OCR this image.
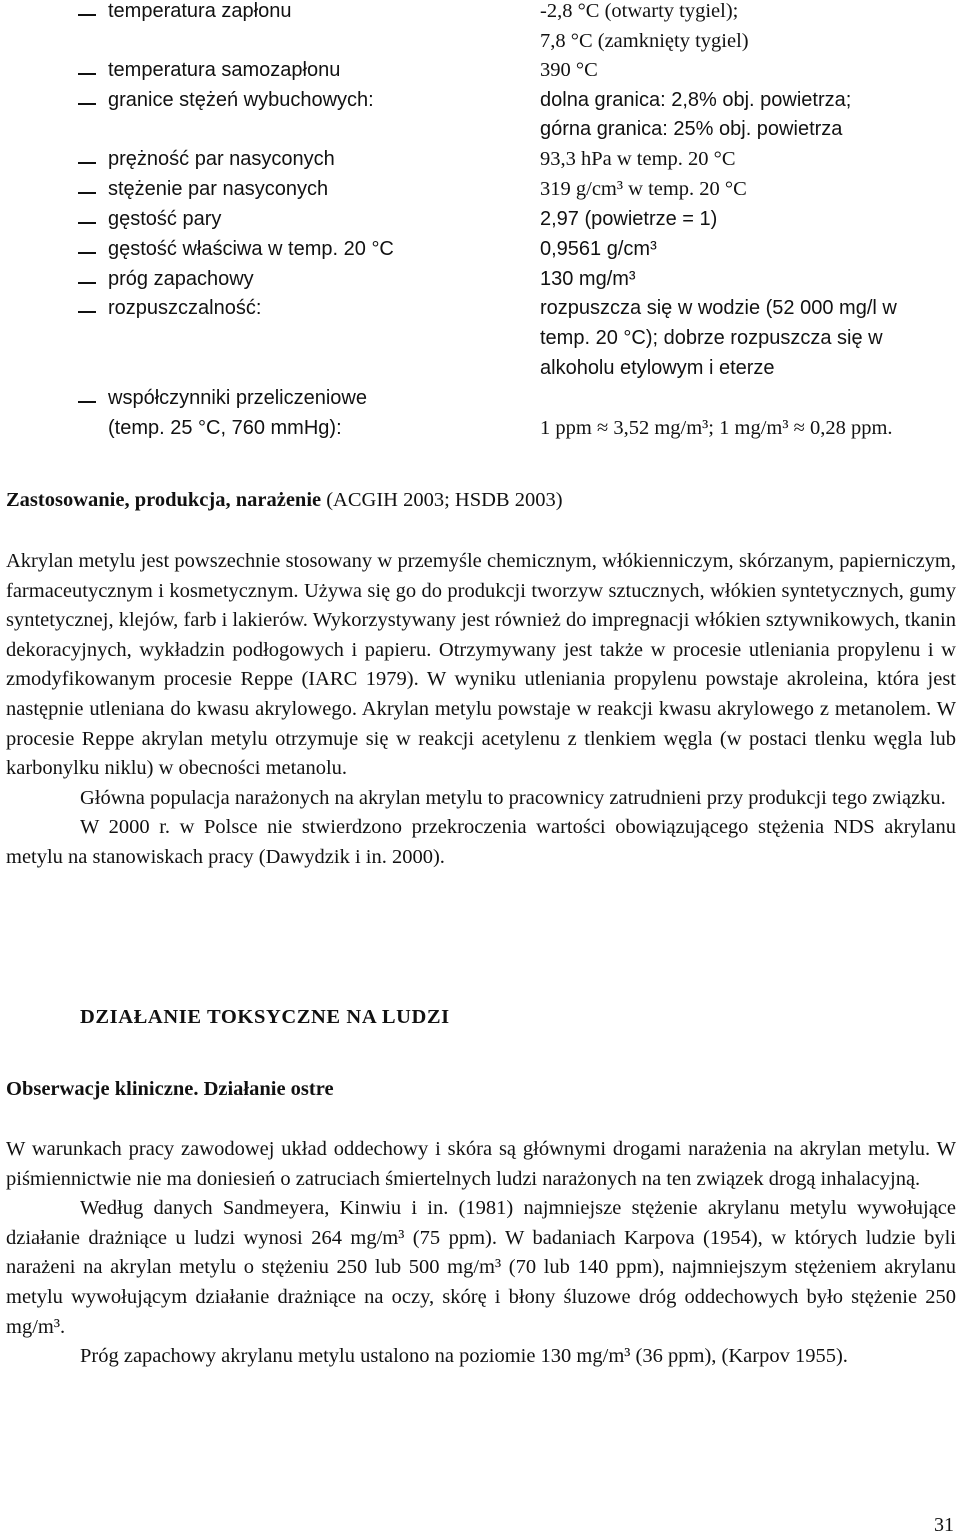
temperatura zapłonu	-2,8 °C (otwarty tygiel);
7,8 °C (zamknięty tygiel)
temperatura samozapłonu	390 °C
granice stężeń wybuchowych:	dolna granica: 2,8% obj. powietrza;
górna granica: 25% obj. powietrza
prężność par nasyconych	93,3 hPa w temp. 20 °C
stężenie par nasyconych	319 g/cm³ w temp. 20 °C
gęstość pary	2,97 (powietrze = 1)
gęstość właściwa w temp. 20 °C	0,9561 g/cm³
próg zapachowy	130 mg/m³
rozpuszczalność:	rozpuszcza się w wodzie (52 000 mg/l w
temp. 20 °C); dobrze rozpuszcza się w
alkoholu etylowym i eterze
współczynniki przeliczeniowe
(temp. 25 °C, 760 mmHg):	1 ppm ≈ 3,52 mg/m³; 1 mg/m³ ≈ 0,28 ppm.
Zastosowanie, produkcja, narażenie (ACGIH 2003; HSDB 2003)

Akrylan metylu jest powszechnie stosowany w przemyśle chemicznym, włókienniczym, skórzanym, papierniczym, farmaceutycznym i kosmetycznym. Używa się go do produkcji tworzyw sztucznych, włókien syntetycznych, gumy syntetycznej, klejów, farb i lakierów. Wykorzystywany jest również do impregnacji włókien sztywnikowych, tkanin dekoracyjnych, wykładzin podłogowych i papieru. Otrzymywany jest także w procesie utleniania propylenu i w zmodyfikowanym procesie Reppe (IARC 1979). W wyniku utleniania propylenu powstaje akroleina, która jest następnie utleniana do kwasu akrylowego. Akrylan metylu powstaje w reakcji kwasu akrylowego z metanolem. W procesie Reppe akrylan metylu otrzymuje się w reakcji acetylenu z tlenkiem węgla (w postaci tlenku węgla lub karbonylku niklu) w obecności metanolu.

Główna populacja narażonych na akrylan metylu to pracownicy zatrudnieni przy produkcji tego związku.

W 2000 r. w Polsce nie stwierdzono przekroczenia wartości obowiązującego stężenia NDS akrylanu metylu na stanowiskach pracy (Dawydzik i in. 2000).

DZIAŁANIE TOKSYCZNE NA LUDZI
Obserwacje kliniczne. Działanie ostre

W warunkach pracy zawodowej układ oddechowy i skóra są głównymi drogami narażenia na akrylan metylu. W piśmiennictwie nie ma doniesień o zatruciach śmiertelnych ludzi narażonych na ten związek drogą inhalacyjną.

Według danych Sandmeyera, Kinwiu i in. (1981) najmniejsze stężenie akrylanu metylu wywołujące działanie drażniące u ludzi wynosi 264 mg/m³ (75 ppm). W badaniach Karpova (1954), w których ludzie byli narażeni na akrylan metylu o stężeniu 250 lub 500 mg/m³ (70 lub 140 ppm), najmniejszym stężeniem akrylanu metylu wywołującym działanie drażniące na oczy, skórę i błony śluzowe dróg oddechowych było stężenie 250 mg/m³.

Próg zapachowy akrylanu metylu ustalono na poziomie 130 mg/m³ (36 ppm), (Karpov 1955).

31
